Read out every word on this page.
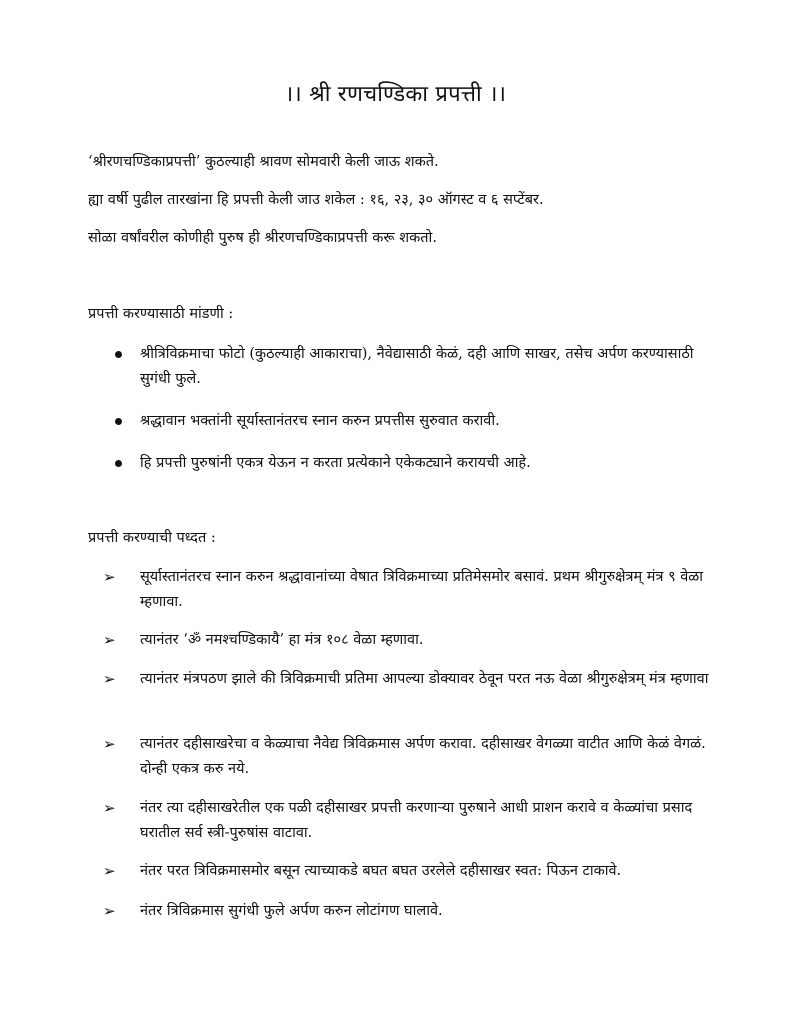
।। श्री रणचण्डिका प्रपत्ती ।।
‘श्रीरणचण्डिकाप्रपत्ती’ कुठल्याही श्रावण सोमवारी केली जाऊ शकते.
ह्या वर्षी पुढील तारखांना हि प्रपत्ती केली जाउ शकेल : १६, २३, ३० ऑगस्ट व ६ सप्टेंबर.
सोळा वर्षांवरील कोणीही पुरुष ही श्रीरणचण्डिकाप्रपत्ती करू शकतो.
प्रपत्ती करण्यासाठी मांडणी :
श्रीत्रिविक्रमाचा फोटो (कुठल्याही आकाराचा), नैवेद्यासाठी केळं, दही आणि साखर, तसेच अर्पण करण्यासाठी सुगंधी फुले.
श्रद्धावान भक्तांनी सूर्यास्तानंतरच स्नान करुन प्रपत्तीस सुरुवात करावी.
हि प्रपत्ती पुरुषांनी एकत्र येऊन न करता प्रत्येकाने एकेकट्याने करायची आहे.
प्रपत्ती करण्याची पध्दत :
➢ सूर्यास्तानंतरच स्नान करुन श्रद्धावानांच्या वेषात त्रिविक्रमाच्या प्रतिमेसमोर बसावं. प्रथम श्रीगुरुक्षेत्रम् मंत्र ९ वेळा म्हणावा.
➢ त्यानंतर ‘ॐ नमश्चण्डिकायै’ हा मंत्र १०८ वेळा म्हणावा.
➢ त्यानंतर मंत्रपठण झाले की त्रिविक्रमाची प्रतिमा आपल्या डोक्यावर ठेवून परत नऊ वेळा श्रीगुरुक्षेत्रम् मंत्र म्हणावा
➢ त्यानंतर दहीसाखरेचा व केळ्याचा नैवेद्य त्रिविक्रमास अर्पण करावा. दहीसाखर वेगळ्या वाटीत आणि केळं वेगळं. दोन्ही एकत्र करु नये.
➢ नंतर त्या दहीसाखरेतील एक पळी दहीसाखर प्रपत्ती करणाऱ्या पुरुषाने आधी प्राशन करावे व केळ्यांचा प्रसाद घरातील सर्व स्त्री-पुरुषांस वाटावा.
➢ नंतर परत त्रिविक्रमासमोर बसून त्याच्याकडे बघत बघत उरलेले दहीसाखर स्वत: पिऊन टाकावे.
➢ नंतर त्रिविक्रमास सुगंधी फुले अर्पण करुन लोटांगण घालावे.
